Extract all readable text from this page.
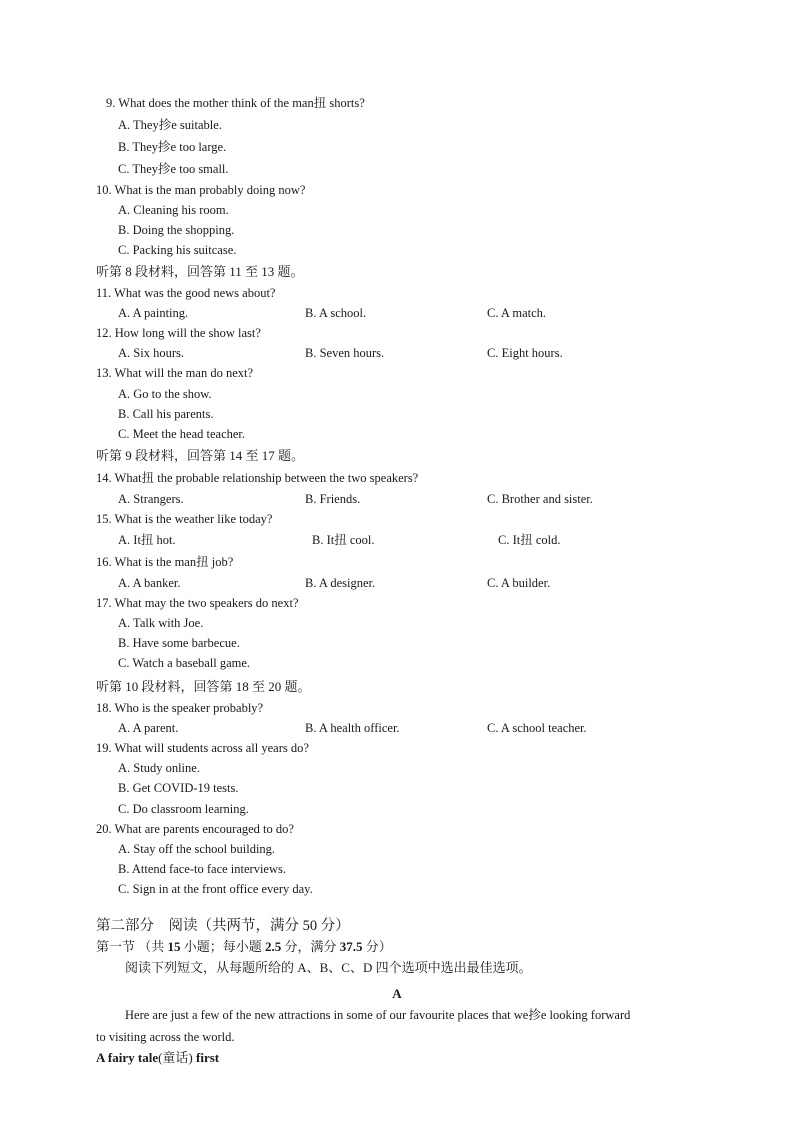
9. What does the mother think of the man扭 shorts?
A. They抮e suitable.
B. They抮e too large.
C. They抮e too small.
10. What is the man probably doing now?
A. Cleaning his room.
B. Doing the shopping.
C. Packing his suitcase.
听第 8 段材料，回答第 11 至 13 题。
11. What was the good news about?
A. A painting.	B. A school.	C. A match.
12. How long will the show last?
A. Six hours.	B. Seven hours.	C. Eight hours.
13. What will the man do next?
A. Go to the show.
B. Call his parents.
C. Meet the head teacher.
听第 9 段材料，回答第 14 至 17 题。
14. What扭 the probable relationship between the two speakers?
A. Strangers.	B. Friends.	C. Brother and sister.
15. What is the weather like today?
A. It扭 hot.	B. It扭 cool.	C. It扭 cold.
16. What is the man扭 job?
A. A banker.	B. A designer.	C. A builder.
17. What may the two speakers do next?
A. Talk with Joe.
B. Have some barbecue.
C. Watch a baseball game.
听第 10 段材料，回答第 18 至 20 题。
18. Who is the speaker probably?
A. A parent.	B. A health officer.	C. A school teacher.
19. What will students across all years do?
A. Study online.
B. Get COVID-19 tests.
C. Do classroom learning.
20. What are parents encouraged to do?
A. Stay off the school building.
B. Attend face-to face interviews.
C. Sign in at the front office every day.
第二部分　阅读（共两节，满分 50 分）
第一节 （共 15 小题；每小题 2.5 分，满分 37.5 分）
阅读下列短文，从每题所给的 A、B、C、D 四个选项中选出最佳选项。
A
Here are just a few of the new attractions in some of our favourite places that we抮e looking forward
to visiting across the world.
A fairy tale(童话) first
